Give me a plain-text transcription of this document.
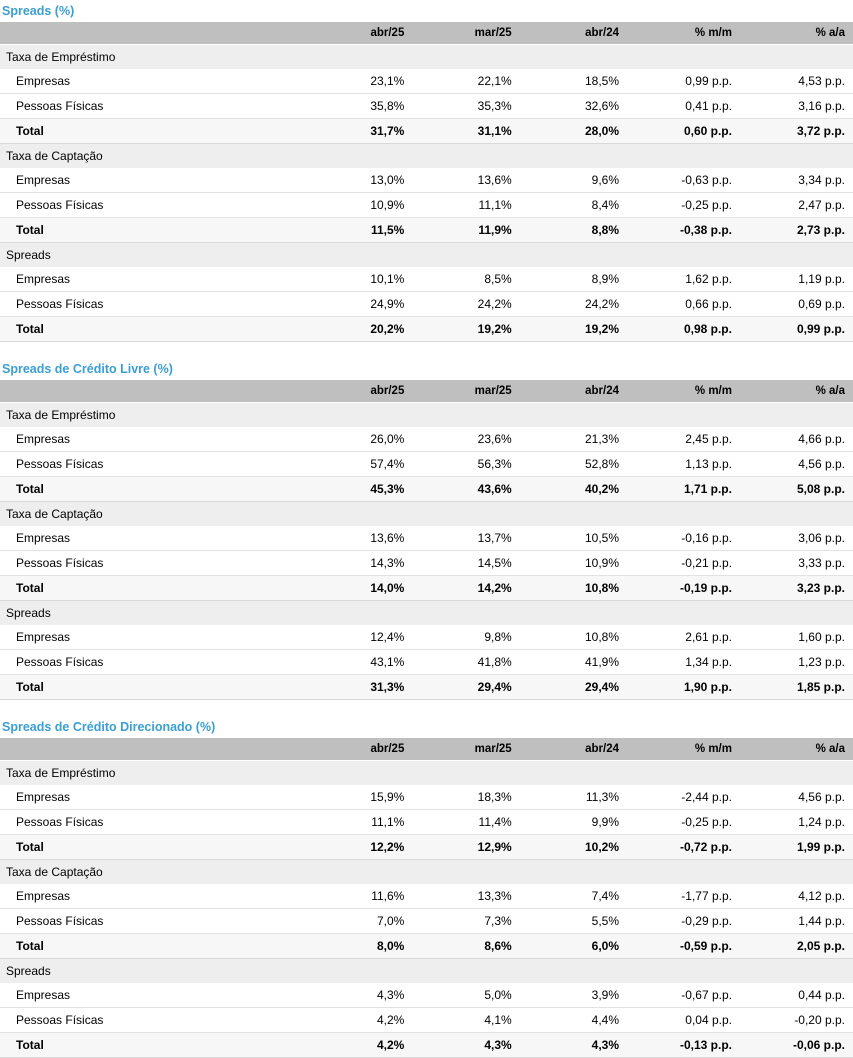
Spreads (%)
	abr/25	mar/25	abr/24	% m/m	% a/a
Taxa de Empréstimo					
Empresas	23,1%	22,1%	18,5%	0,99 p.p.	4,53 p.p.
Pessoas Físicas	35,8%	35,3%	32,6%	0,41 p.p.	3,16 p.p.
Total	31,7%	31,1%	28,0%	0,60 p.p.	3,72 p.p.
Taxa de Captação					
Empresas	13,0%	13,6%	9,6%	-0,63 p.p.	3,34 p.p.
Pessoas Físicas	10,9%	11,1%	8,4%	-0,25 p.p.	2,47 p.p.
Total	11,5%	11,9%	8,8%	-0,38 p.p.	2,73 p.p.
Spreads					
Empresas	10,1%	8,5%	8,9%	1,62 p.p.	1,19 p.p.
Pessoas Físicas	24,9%	24,2%	24,2%	0,66 p.p.	0,69 p.p.
Total	20,2%	19,2%	19,2%	0,98 p.p.	0,99 p.p.
Spreads de Crédito Livre (%)
	abr/25	mar/25	abr/24	% m/m	% a/a
Taxa de Empréstimo					
Empresas	26,0%	23,6%	21,3%	2,45 p.p.	4,66 p.p.
Pessoas Físicas	57,4%	56,3%	52,8%	1,13 p.p.	4,56 p.p.
Total	45,3%	43,6%	40,2%	1,71 p.p.	5,08 p.p.
Taxa de Captação					
Empresas	13,6%	13,7%	10,5%	-0,16 p.p.	3,06 p.p.
Pessoas Físicas	14,3%	14,5%	10,9%	-0,21 p.p.	3,33 p.p.
Total	14,0%	14,2%	10,8%	-0,19 p.p.	3,23 p.p.
Spreads					
Empresas	12,4%	9,8%	10,8%	2,61 p.p.	1,60 p.p.
Pessoas Físicas	43,1%	41,8%	41,9%	1,34 p.p.	1,23 p.p.
Total	31,3%	29,4%	29,4%	1,90 p.p.	1,85 p.p.
Spreads de Crédito Direcionado (%)
	abr/25	mar/25	abr/24	% m/m	% a/a
Taxa de Empréstimo					
Empresas	15,9%	18,3%	11,3%	-2,44 p.p.	4,56 p.p.
Pessoas Físicas	11,1%	11,4%	9,9%	-0,25 p.p.	1,24 p.p.
Total	12,2%	12,9%	10,2%	-0,72 p.p.	1,99 p.p.
Taxa de Captação					
Empresas	11,6%	13,3%	7,4%	-1,77 p.p.	4,12 p.p.
Pessoas Físicas	7,0%	7,3%	5,5%	-0,29 p.p.	1,44 p.p.
Total	8,0%	8,6%	6,0%	-0,59 p.p.	2,05 p.p.
Spreads					
Empresas	4,3%	5,0%	3,9%	-0,67 p.p.	0,44 p.p.
Pessoas Físicas	4,2%	4,1%	4,4%	0,04 p.p.	-0,20 p.p.
Total	4,2%	4,3%	4,3%	-0,13 p.p.	-0,06 p.p.
